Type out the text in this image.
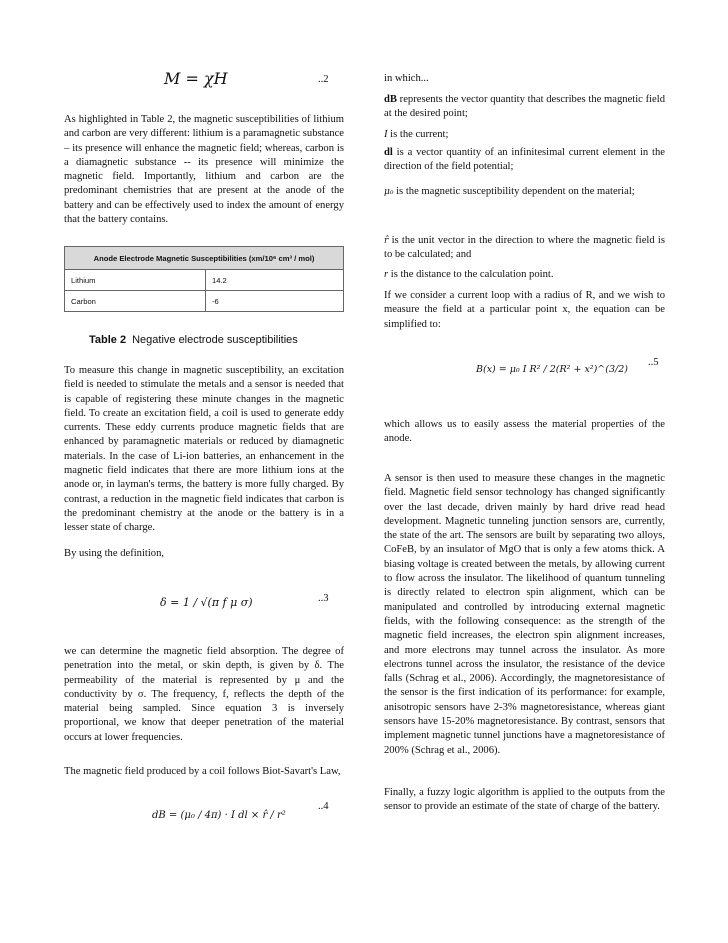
M = χH	..2

As highlighted in Table 2, the magnetic susceptibilities of lithium and carbon are very different: lithium is a paramagnetic substance – its presence will enhance the magnetic field; whereas, carbon is a diamagnetic substance -- its presence will minimize the magnetic field. Importantly, lithium and carbon are the predominant chemistries that are present at the anode of the battery and can be effectively used to index the amount of energy that the battery contains.

Anode Electrode Magnetic Susceptibilities (xm/10⁶ cm³ / mol)	
Lithium	14.2
Carbon	-6
Table 2 Negative electrode susceptibilities

To measure this change in magnetic susceptibility, an excitation field is needed to stimulate the metals and a sensor is needed that is capable of registering these minute changes in the magnetic field. To create an excitation field, a coil is used to generate eddy currents. These eddy currents produce magnetic fields that are enhanced by paramagnetic materials or reduced by diamagnetic materials. In the case of Li-ion batteries, an enhancement in the magnetic field indicates that there are more lithium ions at the anode or, in layman's terms, the battery is more fully charged. By contrast, a reduction in the magnetic field indicates that carbon is the predominant chemistry at the anode or the battery is in a lesser state of charge.

By using the definition,

δ = 1 / √(π f μ σ)	..3

we can determine the magnetic field absorption. The degree of penetration into the metal, or skin depth, is given by δ. The permeability of the material is represented by μ and the conductivity by σ. The frequency, f, reflects the depth of the material being sampled. Since equation 3 is inversely proportional, we know that deeper penetration of the material occurs at lower frequencies.

The magnetic field produced by a coil follows Biot-Savart's Law,

dB = (μ₀ / 4π) · I dl × r̂ / r²
..4

in which...

dB represents the vector quantity that describes the magnetic field at the desired point;

I is the current;

dl is a vector quantity of an infinitesimal current element in the direction of the field potential;

μ₀ is the magnetic susceptibility dependent on the material;

r̂ is the unit vector in the direction to where the magnetic field is to be calculated; and

r is the distance to the calculation point.

If we consider a current loop with a radius of R, and we wish to measure the field at a particular point x, the equation can be simplified to:

B(x) = μ₀ I R² / 2(R² + x²)^(3/2)
..5

which allows us to easily assess the material properties of the anode.

A sensor is then used to measure these changes in the magnetic field. Magnetic field sensor technology has changed significantly over the last decade, driven mainly by hard drive read head development. Magnetic tunneling junction sensors are, currently, the state of the art. The sensors are built by separating two alloys, CoFeB, by an insulator of MgO that is only a few atoms thick. A biasing voltage is created between the metals, by allowing current to flow across the insulator. The likelihood of quantum tunneling is directly related to electron spin alignment, which can be manipulated and controlled by introducing external magnetic fields, with the following consequence: as the strength of the magnetic field increases, the electron spin alignment increases, and more electrons may tunnel across the insulator. As more electrons tunnel across the insulator, the resistance of the device falls (Schrag et al., 2006). Accordingly, the magnetoresistance of the sensor is the first indication of its performance: for example, anisotropic sensors have 2-3% magnetoresistance, whereas giant sensors have 15-20% magnetoresistance. By contrast, sensors that implement magnetic tunnel junctions have a magnetoresistance of 200% (Schrag et al., 2006).

Finally, a fuzzy logic algorithm is applied to the outputs from the sensor to provide an estimate of the state of charge of the battery.
